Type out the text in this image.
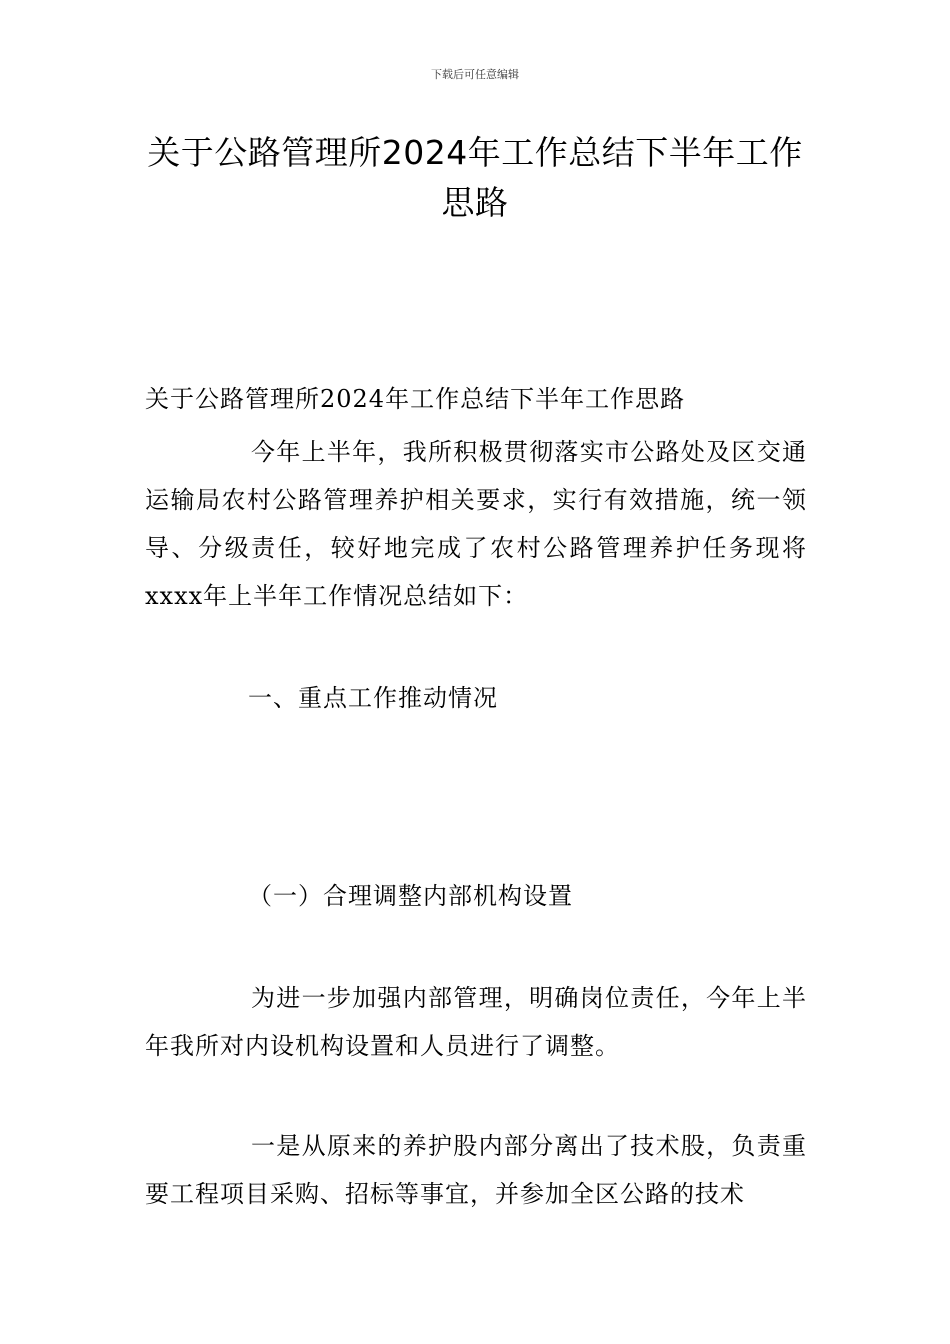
下载后可任意编辑
关于公路管理所2024年工作总结下半年工作思路
关于公路管理所2024年工作总结下半年工作思路
今年上半年，我所积极贯彻落实市公路处及区交通运输局农村公路管理养护相关要求，实行有效措施，统一领导、分级责任，较好地完成了农村公路管理养护任务现将xxxx年上半年工作情况总结如下：
一、重点工作推动情况
（一）合理调整内部机构设置
为进一步加强内部管理，明确岗位责任，今年上半年我所对内设机构设置和人员进行了调整。
一是从原来的养护股内部分离出了技术股，负责重要工程项目采购、招标等事宜，并参加全区公路的技术
